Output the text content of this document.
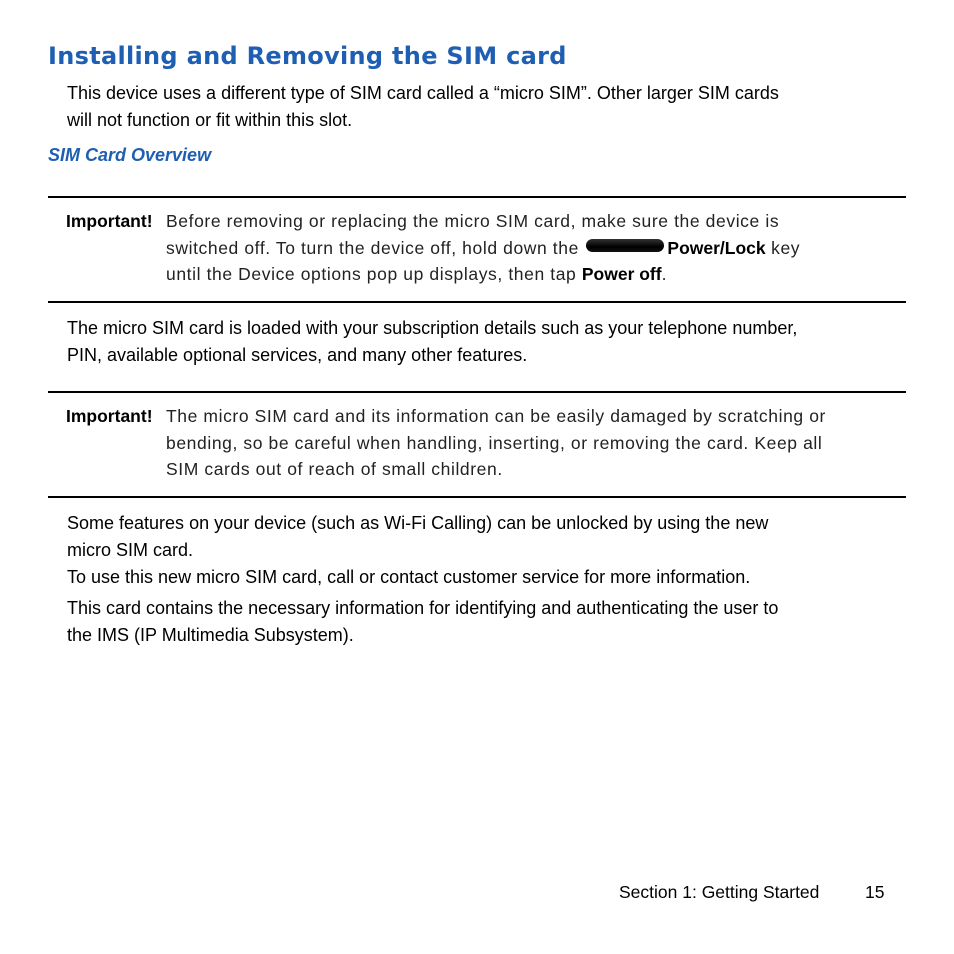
Installing and Removing the SIM card
This device uses a different type of SIM card called a “micro SIM”. Other larger SIM cards
will not function or fit within this slot.
SIM Card Overview
Important! Before removing or replacing the micro SIM card, make sure the device is
switched off. To turn the device off, hold down the	Power/Lock key
until the Device options pop up displays, then tap Power off.
The micro SIM card is loaded with your subscription details such as your telephone number,
PIN, available optional services, and many other features.
Important! The micro SIM card and its information can be easily damaged by scratching or
bending, so be careful when handling, inserting, or removing the card. Keep all
SIM cards out of reach of small children.
Some features on your device (such as Wi-Fi Calling) can be unlocked by using the new
micro SIM card.
To use this new micro SIM card, call or contact customer service for more information.
This card contains the necessary information for identifying and authenticating the user to
the IMS (IP Multimedia Subsystem).
Section 1: Getting Started	15
